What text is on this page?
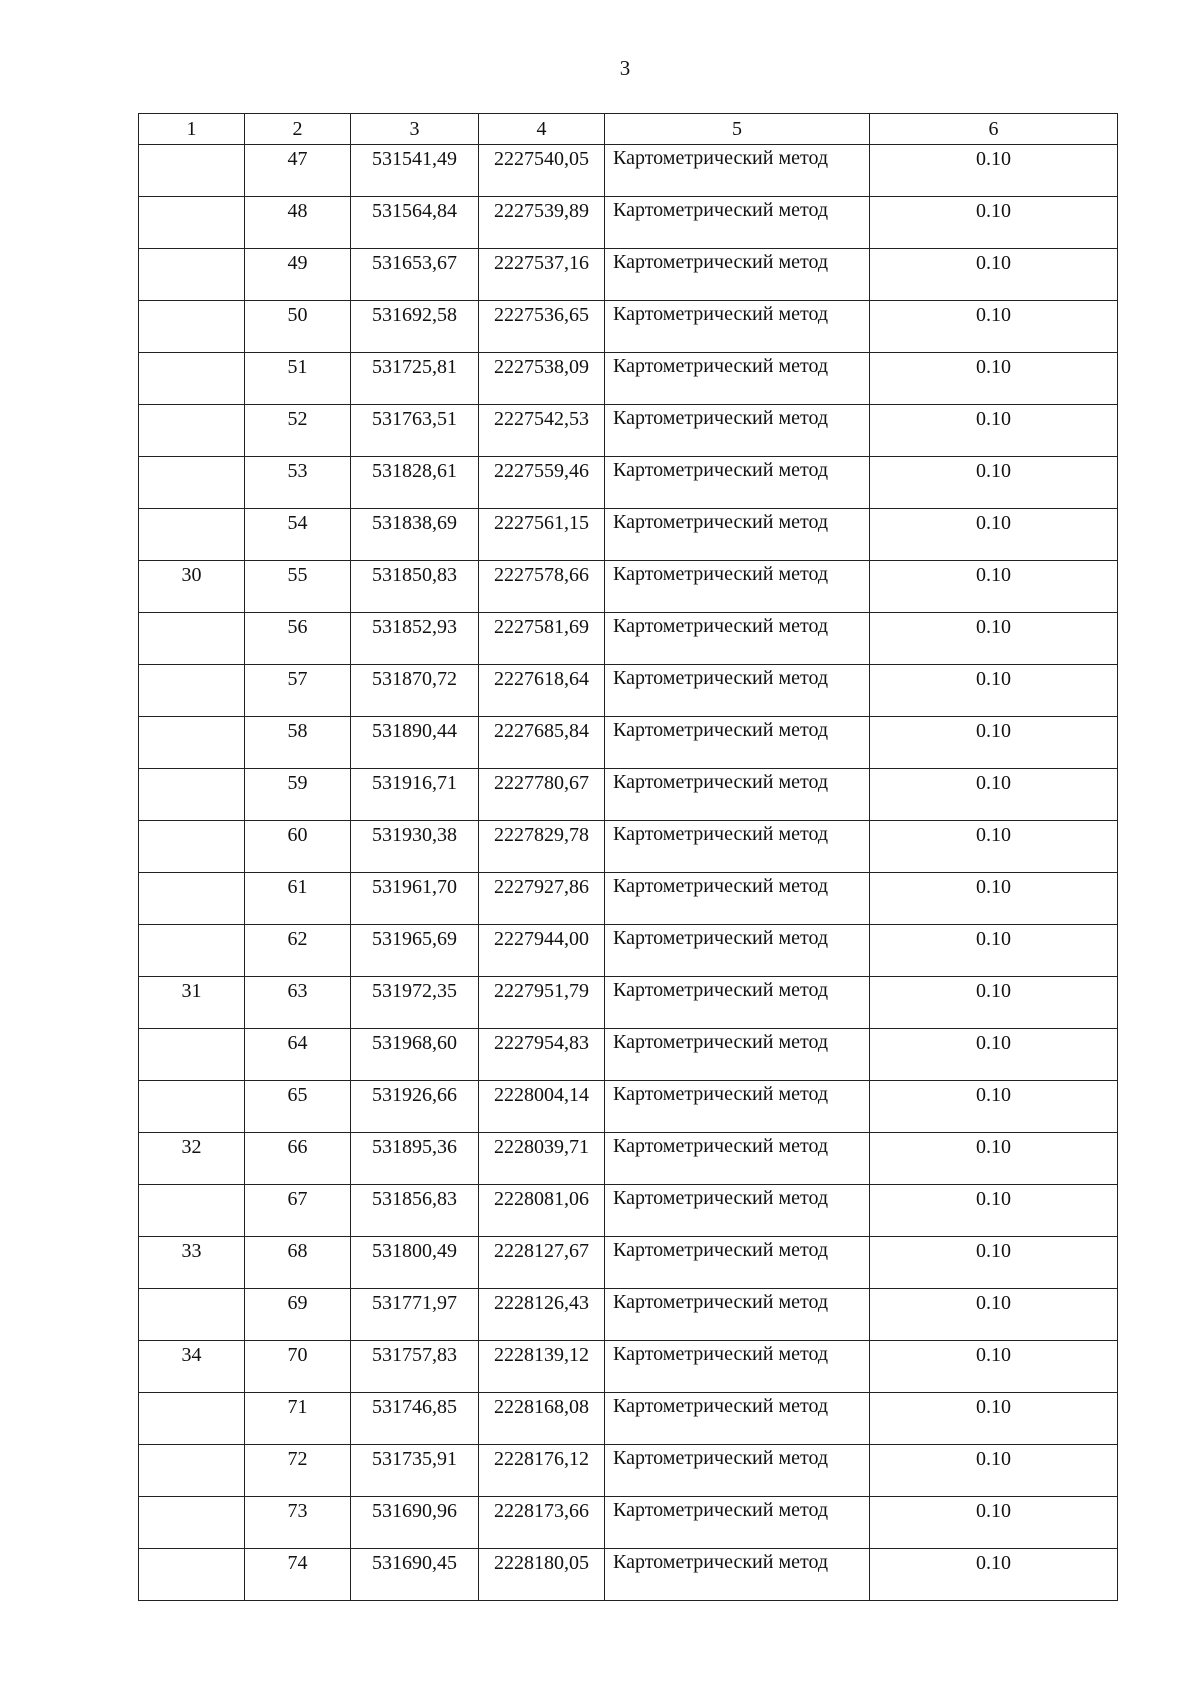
3
1	2	3	4	5	6
	47	531541,49	2227540,05	Картометрический метод	0.10
	48	531564,84	2227539,89	Картометрический метод	0.10
	49	531653,67	2227537,16	Картометрический метод	0.10
	50	531692,58	2227536,65	Картометрический метод	0.10
	51	531725,81	2227538,09	Картометрический метод	0.10
	52	531763,51	2227542,53	Картометрический метод	0.10
	53	531828,61	2227559,46	Картометрический метод	0.10
	54	531838,69	2227561,15	Картометрический метод	0.10
30	55	531850,83	2227578,66	Картометрический метод	0.10
	56	531852,93	2227581,69	Картометрический метод	0.10
	57	531870,72	2227618,64	Картометрический метод	0.10
	58	531890,44	2227685,84	Картометрический метод	0.10
	59	531916,71	2227780,67	Картометрический метод	0.10
	60	531930,38	2227829,78	Картометрический метод	0.10
	61	531961,70	2227927,86	Картометрический метод	0.10
	62	531965,69	2227944,00	Картометрический метод	0.10
31	63	531972,35	2227951,79	Картометрический метод	0.10
	64	531968,60	2227954,83	Картометрический метод	0.10
	65	531926,66	2228004,14	Картометрический метод	0.10
32	66	531895,36	2228039,71	Картометрический метод	0.10
	67	531856,83	2228081,06	Картометрический метод	0.10
33	68	531800,49	2228127,67	Картометрический метод	0.10
	69	531771,97	2228126,43	Картометрический метод	0.10
34	70	531757,83	2228139,12	Картометрический метод	0.10
	71	531746,85	2228168,08	Картометрический метод	0.10
	72	531735,91	2228176,12	Картометрический метод	0.10
	73	531690,96	2228173,66	Картометрический метод	0.10
	74	531690,45	2228180,05	Картометрический метод	0.10
